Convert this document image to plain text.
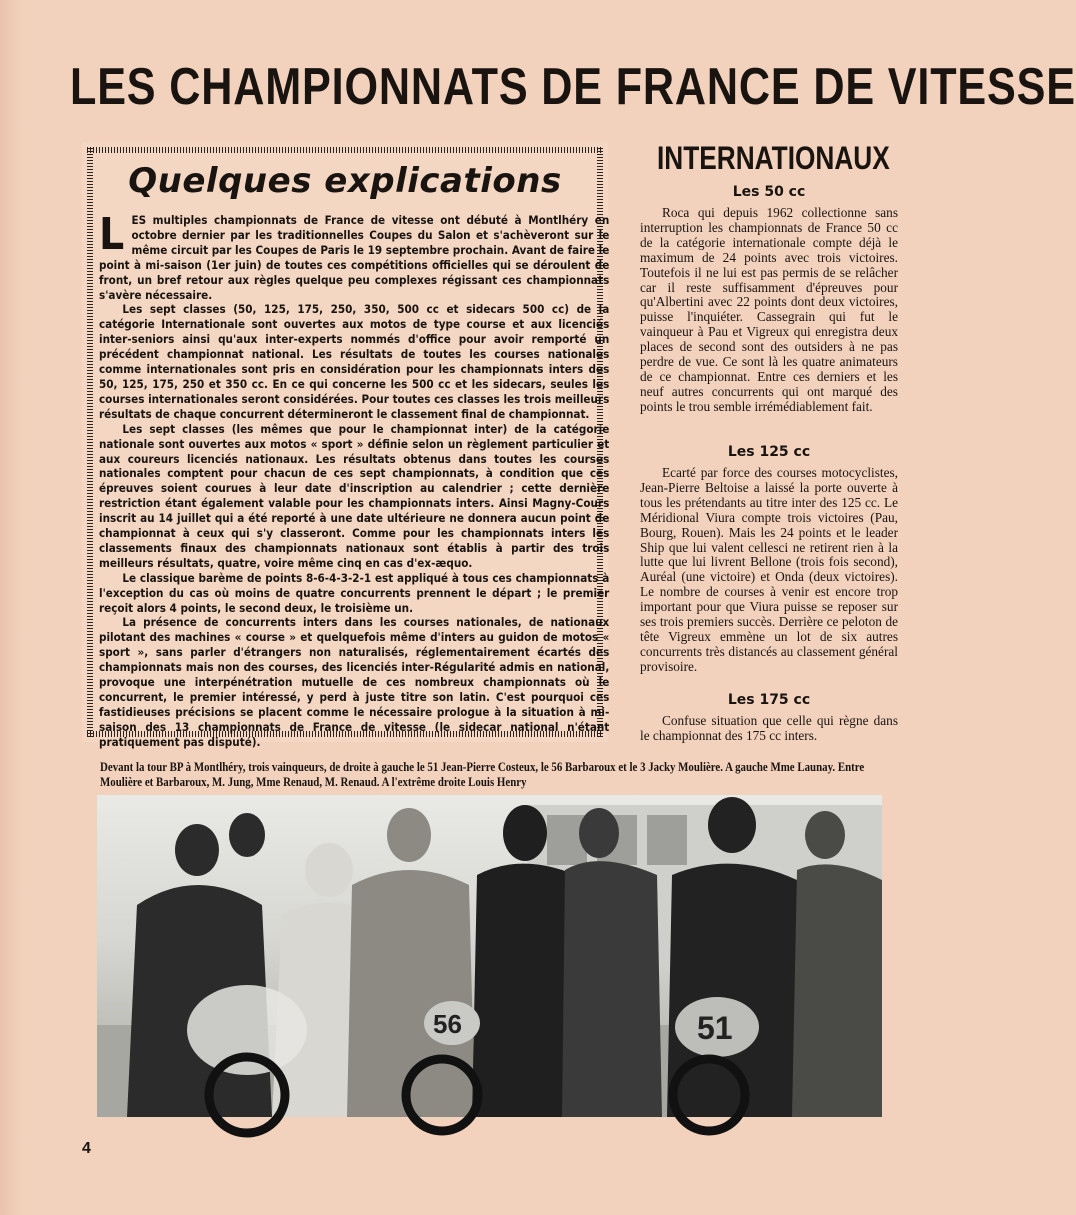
LES CHAMPIONNATS DE FRANCE DE VITESSE
Quelques explications

LES multiples championnats de France de vitesse ont débuté à Montlhéry en octobre dernier par les traditionnelles Coupes du Salon et s'achèveront sur le même circuit par les Coupes de Paris le 19 septembre prochain. Avant de faire le point à mi-saison (1er juin) de toutes ces compétitions officielles qui se déroulent de front, un bref retour aux règles quelque peu complexes régissant ces championnats s'avère nécessaire.

Les sept classes (50, 125, 175, 250, 350, 500 cc et sidecars 500 cc) de la catégorie Internationale sont ouvertes aux motos de type course et aux licenciés inter-seniors ainsi qu'aux inter-experts nommés d'office pour avoir remporté un précédent championnat national. Les résultats de toutes les courses nationales comme internationales sont pris en considération pour les championnats inters des 50, 125, 175, 250 et 350 cc. En ce qui concerne les 500 cc et les sidecars, seules les courses internationales seront considérées. Pour toutes ces classes les trois meilleurs résultats de chaque concurrent détermineront le classement final de championnat.

Les sept classes (les mêmes que pour le championnat inter) de la catégorie nationale sont ouvertes aux motos « sport » définie selon un règlement particulier et aux coureurs licenciés nationaux. Les résultats obtenus dans toutes les courses nationales comptent pour chacun de ces sept championnats, à condition que ces épreuves soient courues à leur date d'inscription au calendrier ; cette dernière restriction étant également valable pour les championnats inters. Ainsi Magny-Cours inscrit au 14 juillet qui a été reporté à une date ultérieure ne donnera aucun point de championnat à ceux qui s'y classeront. Comme pour les championnats inters les classements finaux des championnats nationaux sont établis à partir des trois meilleurs résultats, quatre, voire même cinq en cas d'ex-æquo.

Le classique barème de points 8-6-4-3-2-1 est appliqué à tous ces championnats à l'exception du cas où moins de quatre concurrents prennent le départ ; le premier reçoit alors 4 points, le second deux, le troisième un.

La présence de concurrents inters dans les courses nationales, de nationaux pilotant des machines « course » et quelquefois même d'inters au guidon de motos « sport », sans parler d'étrangers non naturalisés, réglementairement écartés des championnats mais non des courses, des licenciés inter-Régularité admis en national, provoque une interpénétration mutuelle de ces nombreux championnats où le concurrent, le premier intéressé, y perd à juste titre son latin. C'est pourquoi ces fastidieuses précisions se placent comme le nécessaire prologue à la situation à mi-saison des 13 championnats de France de vitesse (le sidecar national n'étant pratiquement pas disputé).

INTERNATIONAUX
Les 50 cc

Roca qui depuis 1962 collectionne sans interruption les championnats de France 50 cc de la catégorie internationale compte déjà le maximum de 24 points avec trois victoires. Toutefois il ne lui est pas permis de se relâcher car il reste suffisamment d'épreuves pour qu'Albertini avec 22 points dont deux victoires, puisse l'inquiéter. Cassegrain qui fut le vainqueur à Pau et Vigreux qui enregistra deux places de second sont des outsiders à ne pas perdre de vue. Ce sont là les quatre animateurs de ce championnat. Entre ces derniers et les neuf autres concurrents qui ont marqué des points le trou semble irrémédiablement fait.

Les 125 cc

Ecarté par force des courses motocyclistes, Jean-Pierre Beltoise a laissé la porte ouverte à tous les prétendants au titre inter des 125 cc. Le Méridional Viura compte trois victoires (Pau, Bourg, Rouen). Mais les 24 points et le leader Ship que lui valent cellesci ne retirent rien à la lutte que lui livrent Bellone (trois fois second), Auréal (une victoire) et Onda (deux victoires). Le nombre de courses à venir est encore trop important pour que Viura puisse se reposer sur ses trois premiers succès. Derrière ce peloton de tête Vigreux emmène un lot de six autres concurrents très distancés au classement général provisoire.

Les 175 cc

Confuse situation que celle qui règne dans le championnat des 175 cc inters.

Devant la tour BP à Montlhéry, trois vainqueurs, de droite à gauche le 51 Jean-Pierre Costeux, le 56 Barbaroux et le 3 Jacky Moulière. A gauche Mme Launay. Entre Moulière et Barbaroux, M. Jung, Mme Renaud, M. Renaud. A l'extrême droite Louis Henry
56	51
4
